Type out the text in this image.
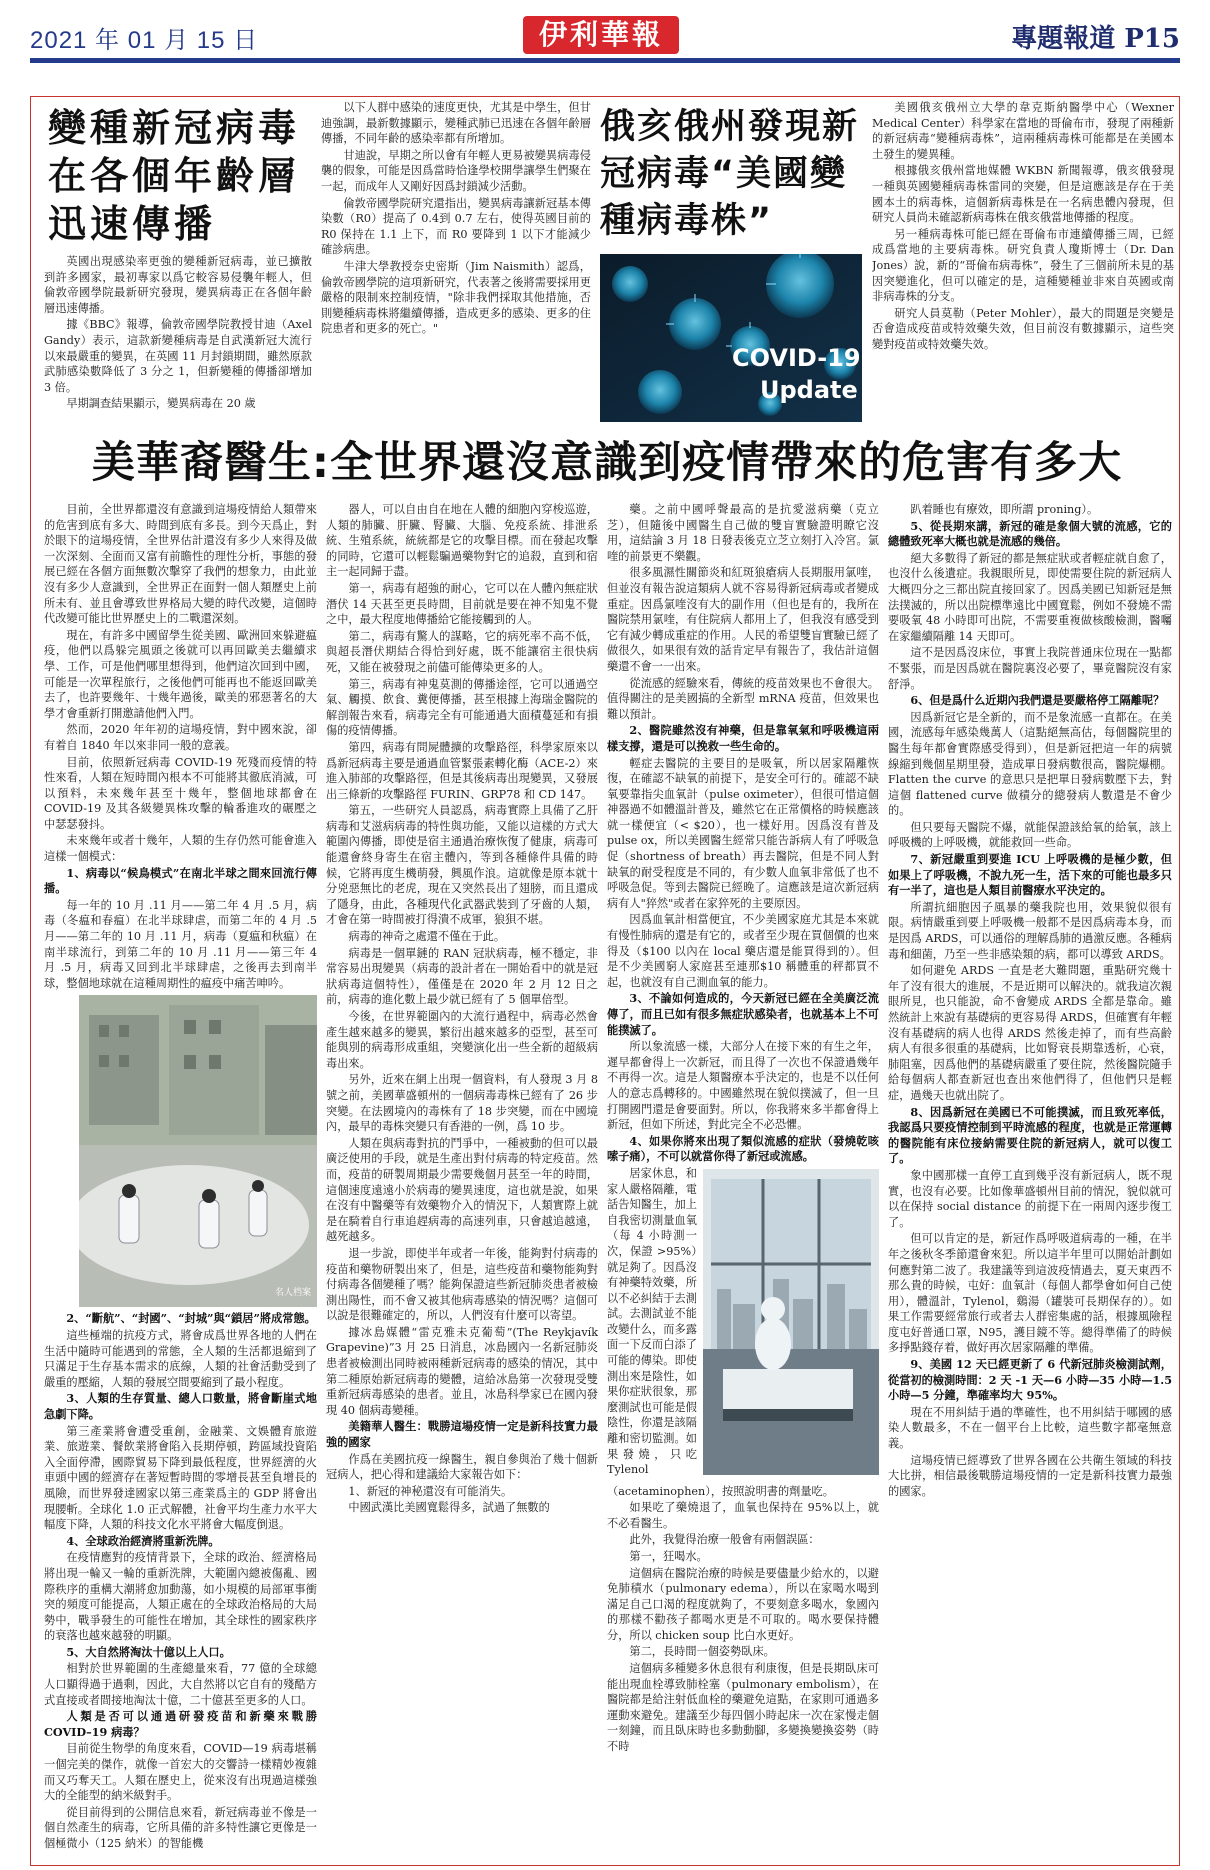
2021 年 01 月 15 日	伊利華報	專題報道 P15
變種新冠病毒在各個年齡層迅速傳播

英國出現感染率更強的變種新冠病毒，並已擴散到許多國家，最初專家以爲它較容易侵襲年輕人，但倫敦帝國學院最新研究發現，變異病毒正在各個年齡層迅速傳播。

據《BBC》報導，倫敦帝國學院教授甘迪（Axel Gandy）表示，這款新變種病毒是自武漢新冠大流行以來最嚴重的變異，在英國 11 月封鎖期間，雖然原款武肺感染數降低了 3 分之 1，但新變種的傳播卻增加 3 倍。

早期調查結果顯示，變異病毒在 20 歲

以下人群中感染的速度更快，尤其是中學生，但甘迪強調，最新數據顯示，變種武肺已迅速在各個年齡層傳播，不同年齡的感染率都有所增加。

甘迪說，早期之所以會有年輕人更易被變異病毒侵襲的假象，可能是因爲當時恰逢學校開學讓學生們聚在一起，而成年人又剛好因爲封鎖減少活動。

倫敦帝國學院研究還指出，變異病毒讓新冠基本傳染數（R0）提高了 0.4到 0.7 左右，使得英國目前的 R0 保持在 1.1 上下，而 R0 要降到 1 以下才能減少確診病患。

牛津大學教授奈史密斯（Jim Naismith）認爲，倫敦帝國學院的這項新研究，代表著之後將需要採用更嚴格的限制來控制疫情，"除非我們採取其他措施，否則變種病毒株將繼續傳播，造成更多的感染、更多的住院患者和更多的死亡。"

俄亥俄州發現新冠病毒“美國變種病毒株”
COVID-19
Update

美國俄亥俄州立大學的韋克斯納醫學中心（Wexner Medical Center）科學家在當地的哥倫布市，發現了兩種新的新冠病毒“變種病毒株”，這兩種病毒株可能都是在美國本土發生的變異種。

根據俄亥俄州當地媒體 WKBN 新聞報導，俄亥俄發現一種與英國變種病毒株雷同的突變，但是這應該是存在于美國本土的病毒株，這個新病毒株是在一名病患體內發現，但研究人員尚未確認新病毒株在俄亥俄當地傳播的程度。

另一種病毒株可能已經在哥倫布市連續傳播三周，已經成爲當地的主要病毒株。研究負責人瓊斯博士（Dr. Dan Jones）說，新的“哥倫布病毒株”，發生了三個前所未見的基因突變進化，但可以確定的是，這種變種並非來自英國或南非病毒株的分支。

研究人員莫勒（Peter Mohler），最大的問題是突變是否會造成疫苗或特效藥失效，但目前沒有數據顯示，這些突變對疫苗或特效藥失效。

美華裔醫生:全世界還沒意識到疫情帶來的危害有多大

目前，全世界都還沒有意識到這場疫情給人類帶來的危害到底有多大、時間到底有多長。到今天爲止，對於眼下的這場疫情，全世界估計還沒有多少人來得及做一次深刻、全面而又富有前瞻性的理性分析，事態的發展已經在各個方面無數次擊穿了我們的想象力，由此並沒有多少人意識到，全世界正在面對一個人類歷史上前所未有、並且會導致世界格局大變的時代改變，這個時代改變可能比世界歷史上的二戰還深刻。

現在，有許多中國留學生從美國、歐洲回來躲避瘟疫，他們以爲躲完風頭之後就可以再回歐美去繼續求學、工作，可是他們哪里想得到，他們這次回到中國，可能是一次單程旅行，之後他們可能再也不能返回歐美去了，也許要幾年、十幾年過後，歐美的邪惡著名的大學才會重新打開邀請他們入門。

然而，2020 年年初的這場疫情，對中國來說，卻有着自 1840 年以來非同一般的意義。

目前，依照新冠病毒 COVID-19 死殘而疫情的特性來看，人類在短時間內根本不可能將其徹底消滅，可以預料，未來幾年甚至十幾年，整個地球都會在 COVID-19 及其各級變異株攻擊的輪番進攻的碾壓之中瑟瑟發抖。

未來幾年或者十幾年，人類的生存仍然可能會進入這樣一個模式：

1、病毒以“候鳥模式”在南北半球之間來回流行傳播。

每一年的 10 月 .11 月——第二年 4 月 .5 月，病毒（冬瘟和春瘟）在北半球肆虐，而第二年的 4 月 .5 月——第二年的 10 月 .11 月，病毒（夏瘟和秋瘟）在南半球流行，到第二年的 10 月 .11 月——第三年 4 月 .5 月，病毒又回到北半球肆虐，之後再去到南半球，整個地球就在這種周期性的瘟疫中痛苦呻吟。

名人档案

2、“斷航”、“封國”、“封城”與“鎖居”將成常態。

這些極端的抗疫方式，將會成爲世界各地的人們在生活中隨時可能遇到的常態，全人類的生活都退縮到了只滿足于生存基本需求的底線，人類的社會活動受到了嚴重的壓縮，人類的發展空間要縮到了最小程度。

3、人類的生存質量、總人口數量，將會斷崖式地急劇下降。

第三產業將會遭受重創，金融業、文娛體育旅遊業、旅遊業、餐飲業將會陷入長期停頓，跨區域投資陷入全面停滯，國際貿易下降到最低程度，世界經濟的火車頭中國的經濟存在著短暫時間的零增長甚至負增長的風險，而世界發達國家以第三產業爲主的 GDP 將會出現腰斬。全球化 1.0 正式解體，社會平均生產力水平大幅度下降，人類的科技文化水平將會大幅度倒退。

4、全球政治經濟將重新洗牌。

在疫情應對的疫情背景下，全球的政治、經濟格局將出現一輪又一輪的重新洗牌，大範圍內總被傷亂、國際秩序的重構大潮將愈加動蕩，如小規模的局部軍事衝突的頻度可能提高，人類正處在的全球政治格局的大局勢中，戰爭發生的可能性在增加，其全球性的國家秩序的衰落也越來越發的明顯。

5、大自然將淘汰十億以上人口。

相對於世界範圍的生產總量來看，77 億的全球總人口顯得過于過剩，因此，大自然將以它自有的殘酷方式直接或者間接地淘汰十億，二十億甚至更多的人口。

人類是否可以通過研發疫苗和新藥來戰勝 COVID–19 病毒？

目前從生物學的角度來看，COVID—19 病毒堪稱一個完美的傑作，就像一首宏大的交響詩一樣精妙複雜而又巧奪天工。人類在歷史上，從來沒有出現過這樣強大的全能型的納米級對手。

從目前得到的公開信息來看，新冠病毒並不像是一個自然產生的病毒，它所具備的許多特性讓它更像是一個極微小（125 納米）的智能機

器人，可以自由自在地在人體的細胞內穿梭巡遊，人類的肺臟、肝臟、腎臟、大腦、免疫系統、排泄系統、生殖系統，統統都是它的攻擊目標。而在發起攻擊的同時，它還可以輕鬆騙過藥物對它的追殺，直到和宿主一起同歸于盡。

第一，病毒有超強的耐心，它可以在人體內無症狀潛伏 14 天甚至更長時間，目前就是要在神不知鬼不覺之中，最大程度地傳播給它能接觸到的人。

第二，病毒有驚人的謀略，它的病死率不高不低，與超長潛伏期結合得恰到好處，既不能讓宿主很快病死，又能在被發現之前儘可能傳染更多的人。

第三，病毒有神鬼莫測的傳播途徑，它可以通過空氣、觸摸、飲食、糞便傳播，甚至根據上海瑞金醫院的解剖報告來看，病毒完全有可能通過大面積蔓延和有損傷的疫情傳播。

第四，病毒有問屍體擴的攻擊路徑，科學家原來以爲新冠病毒主要是通過血管緊張素轉化酶（ACE-2）來進入肺部的攻擊路徑，但是其後病毒出現變異，又發展出三條新的攻擊路徑 FURIN、GRP78 和 CD 147。

第五，一些研究人員認爲，病毒實際上具備了乙肝病毒和艾滋病病毒的特性與功能，又能以這樣的方式大範圍內傳播，即使是宿主通過治療恢復了健康，病毒可能還會終身寄生在宿主體內，等到各種條件具備的時候，它將再度生機萌發，興風作浪。這就像是原本就十分兇惡無比的老虎，現在又突然長出了翅膀，而且還成了隱身，由此，各種現代化武器武裝到了牙齒的人類，才會在第一時間被打得潰不成軍，狼狽不堪。

病毒的神奇之處還不僅在于此。

病毒是一個單鏈的 RAN 冠狀病毒，極不穩定，非常容易出現變異（病毒的設計者在一開始看中的就是冠狀病毒這個特性），僅僅是在 2020 年 2 月 12 日之前，病毒的進化數上最少就已經有了 5 個單倍型。

今後，在世界範圍內的大流行過程中，病毒必然會產生越來越多的變異，繁衍出越來越多的亞型，甚至可能與別的病毒形成重組，突變演化出一些全新的超級病毒出來。

另外，近來在網上出現一個資料，有人發現 3 月 8 號之前，美國華盛頓州的一個病毒毒株已經有了 26 步突變。在法國境內的毒株有了 18 步突變，而在中國境內，最早的毒株突變只有香港的一例，爲 10 步。

人類在與病毒對抗的鬥爭中，一種被動的但可以最廣泛使用的手段，就是生產出對付病毒的特定疫苗。然而，疫苗的研製周期最少需要幾個月甚至一年的時間，這個速度遠遠小於病毒的變異速度，這也就是說，如果在沒有中醫藥等有效藥物介入的情況下，人類實際上就是在騎着自行車追趕病毒的高速列車，只會越追越遠，越死越多。

退一步說，即使半年或者一年後，能夠對付病毒的疫苗和藥物研製出來了，但是，這些疫苗和藥物能夠對付病毒各個變種了嗎？能夠保證這些新冠肺炎患者被檢測出陽性，而不會又被其他病毒感染的情況嗎？這個可以說是很難確定的，所以，人們沒有什麼可以寄望。

據冰島媒體“雷克雅未克葡萄”(The Reykjavík Grapevine)”3 月 25 日消息，冰島國內一名新冠肺炎患者被檢測出同時被兩種新冠病毒的感染的情况，其中第二種原始新冠病毒的變體，這給冰島第一次發現受雙重新冠病毒感染的患者。並且，冰島科學家已在國內發現 40 個病毒變種。

美籍華人醫生：戰勝這場疫情一定是新科技實力最強的國家

作爲在美國抗疫一線醫生，親自參與治了幾十個新冠病人，把心得和建議給大家報告如下：

1、新冠的神秘還沒有可能消失。

中國武漢比美國寬鬆得多，試過了無數的

藥。之前中國呼聲最高的是抗愛滋病藥（克立芝），但隨後中國醫生自己做的雙盲實驗證明瞭它沒用，這結論 3 月 18 日發表後克立芝立刻打入冷宮。氯喹的前景更不樂觀。

很多風濕性關節炎和紅斑狼瘡病人長期服用氯喹，但並沒有報告說這類病人就不容易得新冠病毒或者變成重症。因爲氯喹沒有大的副作用（但也是有的，我所在醫院禁用氯喹，有住院病人都用上了，但我沒有感受到它有減少轉成重症的作用。人民的希望雙盲實驗已經了做很久，如果很有效的話肯定早有報告了，我估計這個藥還不會一一出來。

從流感的經驗來看，傳統的疫苗效果也不會很大。值得關注的是美國搞的全新型 mRNA 疫苗，但效果也難以預計。

2、醫院雖然沒有神藥，但是靠氧氣和呼吸機這兩樣支撐，還是可以挽救一些生命的。

輕症去醫院的主要目的是吸氧，所以居家隔離恢復，在確認不缺氧的前提下，是安全可行的。確認不缺氧要靠指尖血氧計（pulse oximeter），但很可惜這個神器過不如體溫計普及，雖然它在正常價格的時候應該就一樣便宜（< $20），也一樣好用。因爲沒有普及 pulse ox，所以美國醫生經常只能告訴病人有了呼吸急促（shortness of breath）再去醫院，但是不同人對缺氧的耐受程度是不同的，有少數人血氧非常低了也不呼吸急促。等到去醫院已經晚了。這應該是這次新冠病病有人"猝然"或者在家猝死的主要原因。

因爲血氧計相當便宜，不少美國家庭尤其是本來就有慢性肺病的還是有它的，或者至少現在買個價的也來得及（$100 以內在 local 藥店還是能買得到的）。但是不少美國窮人家庭甚至連那$10 稱體重的秤都買不起，也就沒有自己測血氧的能力。

3、不論如何造成的，今天新冠已經在全美廣泛流傳了，而且已如有很多無症狀感染者，也就基本上不可能撲滅了。

所以象流感一樣，大部分人在接下來的有生之年，遲早都會得上一次新冠，而且得了一次也不保證過幾年不再得一次。這是人類醫療本乎決定的，也是不以任何人的意志爲轉移的。中國雖然現在貌似撲滅了，但一旦打開國門還是會要面對。所以，你我將來多半都會得上新冠，但如下所述，對此完全不必恐懼。

4、如果你將來出現了類似流感的症狀（發燒乾咳嗦子痛），不可以就當你得了新冠或流感。

居家休息，和家人嚴格隔離，電話告知醫生，加上自我密切測量血氧（每 4 小時測一次，保證 >95%）就足夠了。因爲沒有神藥特效藥，所以不必糾結于去測試。去測試並不能改變什么，而多露面一下反而白添了可能的傳染。即使測出來是陰性，如果你症狀很象，那麼測試也可能是假陰性，你還是該隔離和密切監測。如果發燒，只吃 Tylenol（acetaminophen），按照說明書的劑量吃。

如果吃了藥燒退了，血氧也保持在 95%以上，就不必看醫生。

此外，我覺得治療一般會有兩個誤區：

第一，狂喝水。

這個病在醫院治療的時候是要儘量少給水的，以避免肺積水（pulmonary edema），所以在家喝水喝到滿足自己口渴的程度就夠了，不要刻意多喝水，象國內的那樣不勸孩子都喝水更是不可取的。喝水要保持體分，所以 chicken soup 比白水更好。

第二，長時間一個姿勢臥床。

這個病多種變多休息很有利康復，但是長期臥床可能出現血栓導致肺栓塞（pulmonary embolism），在醫院都是給注射低血栓的藥避免這點，在家則可通過多運動來避免。建議至少每四個小時起床一次在家慢走個一刻鐘，而且臥床時也多動動腳，多變換變換姿勢（時不時

趴着睡也有療效，即所謂 proning）。

5、從長期來講，新冠的確是象個大號的流感，它的總體致死率大概也就是流感的幾倍。

絕大多數得了新冠的都是無症狀或者輕症就自愈了，也沒什么後遺症。我親眼所見，即使需要住院的新冠病人大概四分之三都出院直接回家了。因爲美國已知新冠是無法撲滅的，所以出院標準遠比中國寬鬆，例如不發燒不需要吸氧 48 小時即可出院，不需要重複做核酸檢測，醫囑在家繼續隔離 14 天即可。

這不是因爲沒床位，事實上我院普通床位現在一點都不緊張，而是因爲就在醫院裏沒必要了，畢竟醫院沒有家舒淨。

6、但是爲什么近期內我們還是要嚴格停工隔離呢？

因爲新冠它是全新的，而不是象流感一直都在。在美國，流感每年感染幾萬人（這點絕無高估，每個醫院里的醫生每年都會實際感受得到），但是新冠把這一年的病號線縮到幾個星期里發，造成單日發病數很高，醫院爆棚。Flatten the curve 的意思只是把單日發病數壓下去，對這個 flattened curve 做積分的總發病人數還是不會少的。

但只要每天醫院不爆，就能保證該給氧的給氧，該上呼吸機的上呼吸機，就能救回一些命。

7、新冠嚴重到要進 ICU 上呼吸機的是極少數，但如果上了呼吸機，不說九死一生，活下來的可能也最多只有一半了，這也是人類目前醫療水平決定的。

所謂抗細胞因子風暴的藥我院也用，效果貌似很有限。病情嚴重到要上呼吸機一般都不是因爲病毒本身，而是因爲 ARDS，可以通俗的理解爲肺的過激反應。各種病毒和細菌，乃至一些非感染類的病，都可以導致 ARDS。

如何避免 ARDS 一直是老大難問題，重點研究幾十年了沒有很大的進展，不是近期可以解決的。就我這次親眼所見，也只能說，命不會變成 ARDS 全都是靠命。雖然統計上來說有基礎病的更容易得 ARDS，但確實有年輕沒有基礎病的病人也得 ARDS 然後走掉了，而有些高齡病人有很多很重的基礎病，比如腎衰長期靠透析，心衰，肺阻塞，因爲他們的基礎病嚴重了要住院，然後醫院隨手給每個病人都查新冠也查出來他們得了，但他們只是輕症，過幾天也就出院了。

8、因爲新冠在美國已不可能撲滅，而且致死率低，我認爲只要疫情控制到平時流感的程度，也就是正常運轉的醫院能有床位接納需要住院的新冠病人，就可以復工了。

象中國那樣一直停工直到幾乎沒有新冠病人，既不現實，也沒有必要。比如像華盛頓州目前的情況，貌似就可以在保持 social distance 的前提下在一兩周內逐步復工了。

但可以肯定的是，新冠作爲呼吸道病毒的一種，在半年之後秋冬季節還會來犯。所以這半年里可以開始計劃如何應對第二波了。我建議等到這波疫情過去，夏天東西不那么貴的時候，屯好：血氧計（每個人都學會如何自己使用），體溫計，Tylenol，鷄湯（罐裝可長期保存的）。如果工作需要經常旅行或者去人群密集處的話，根據風險程度屯好普通口罩，N95，護目鏡不等。總得準備了的時候多掙點錢存着，做好再次居家隔離的準備。

9、美國 12 天已經更新了 6 代新冠肺炎檢測試劑，從當初的檢測時間：2 天 -1 天—6 小時—35 小時—1.5 小時—5 分鐘，準確率均大 95%。

現在不用糾結于過的準確性，也不用糾結于哪國的感染人數最多，不在一個平台上比較，這些數字都毫無意義。

這場疫情已經導致了世界各國在公共衛生領域的科技大比拼，相信最後戰勝這場疫情的一定是新科技實力最強的國家。
